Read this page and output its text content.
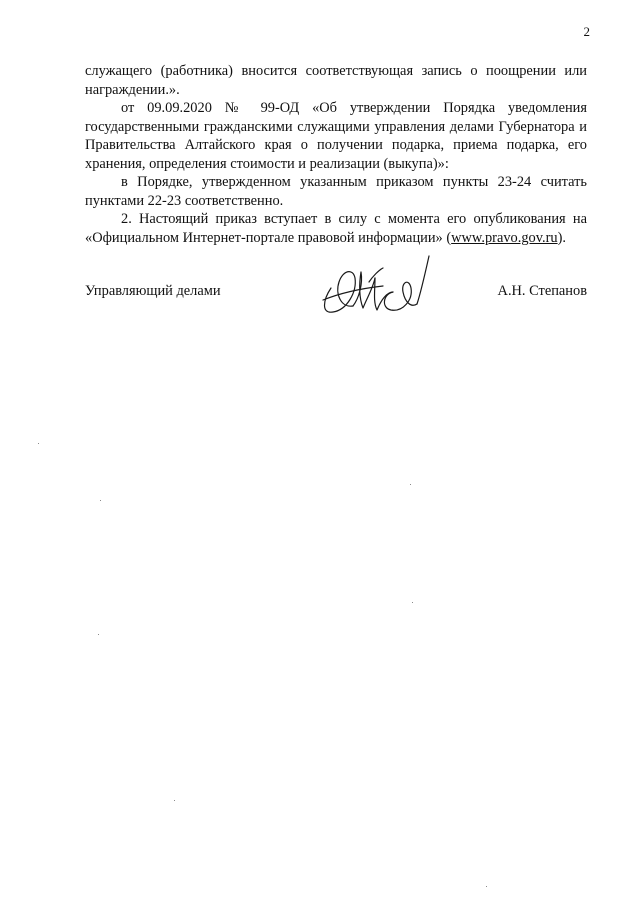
2

служащего (работника) вносится соответствующая запись о поощрении или награждении.».

от 09.09.2020 № 99-ОД «Об утверждении Порядка уведомления государственными гражданскими служащими управления делами Губернатора и Правительства Алтайского края о получении подарка, приема подарка, его хранения, определения стоимости и реализации (выкупа)»:

в Порядке, утвержденном указанным приказом пункты 23-24 считать пунктами 22-23 соответственно.

2. Настоящий приказ вступает в силу с момента его опубликования на «Официальном Интернет-портале правовой информации» (www.pravo.gov.ru).

Управляющий делами	А.Н. Степанов
